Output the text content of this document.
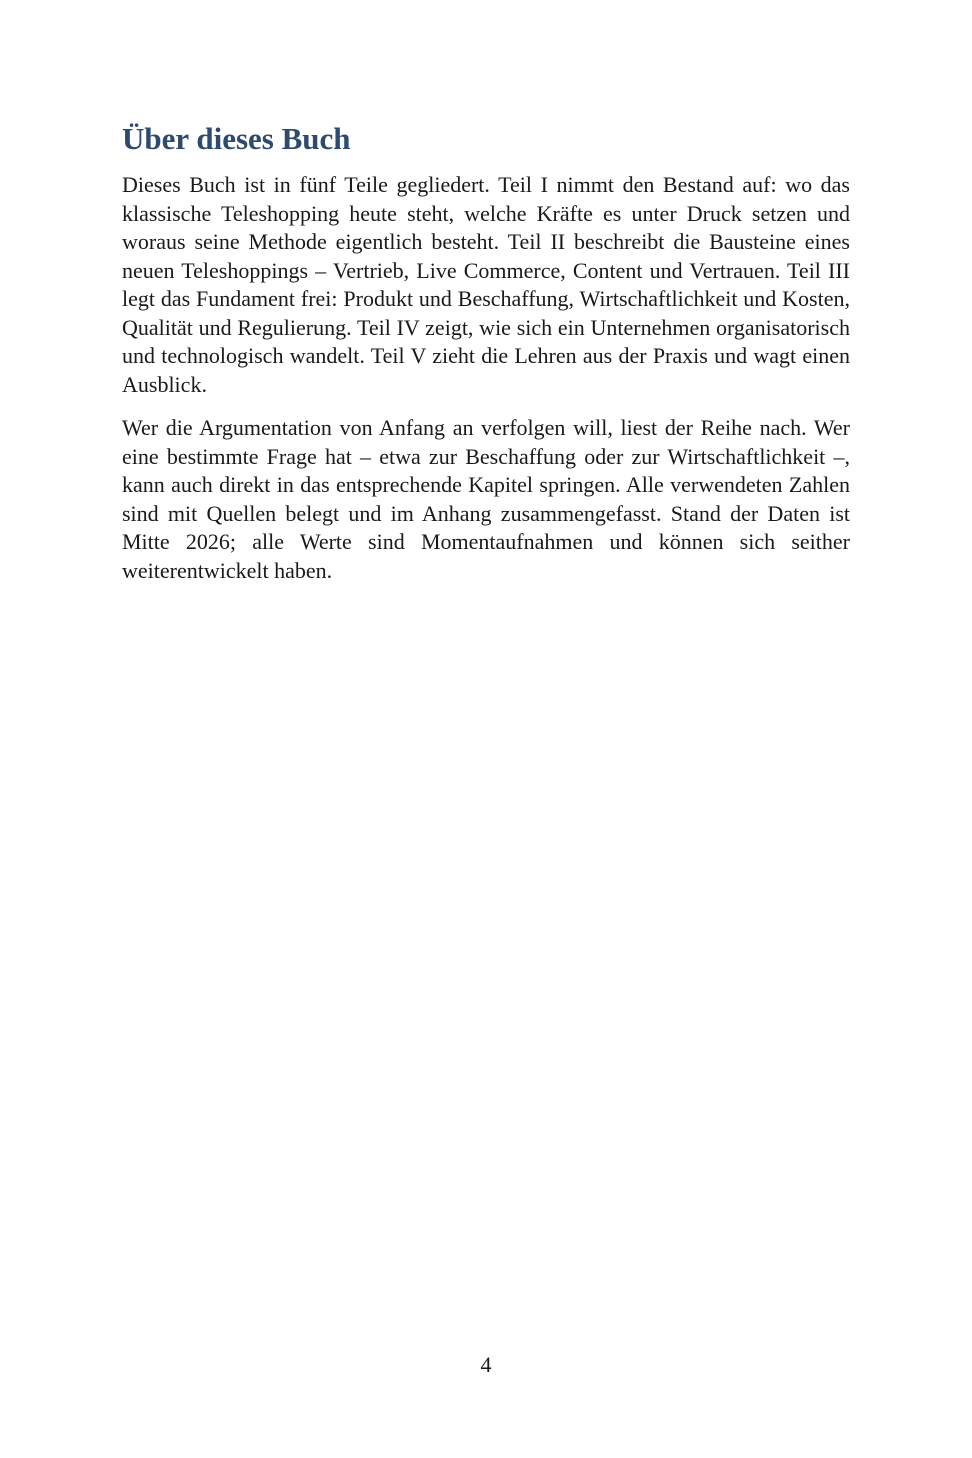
Über dieses Buch

Dieses Buch ist in fünf Teile gegliedert. Teil I nimmt den Bestand auf: wo das klassische Teleshopping heute steht, welche Kräfte es unter Druck setzen und woraus seine Methode eigentlich besteht. Teil II beschreibt die Bausteine eines neuen Teleshoppings – Vertrieb, Live Commerce, Content und Vertrauen. Teil III legt das Fundament frei: Produkt und Beschaffung, Wirtschaftlichkeit und Kosten, Qualität und Regulierung. Teil IV zeigt, wie sich ein Unternehmen organisatorisch und technologisch wandelt. Teil V zieht die Lehren aus der Praxis und wagt einen Ausblick.

Wer die Argumentation von Anfang an verfolgen will, liest der Reihe nach. Wer eine bestimmte Frage hat – etwa zur Beschaffung oder zur Wirtschaftlichkeit –, kann auch direkt in das entsprechende Kapitel springen. Alle verwendeten Zahlen sind mit Quellen belegt und im Anhang zusammengefasst. Stand der Daten ist Mitte 2026; alle Werte sind Momentaufnahmen und können sich seither weiterentwickelt haben.

4
